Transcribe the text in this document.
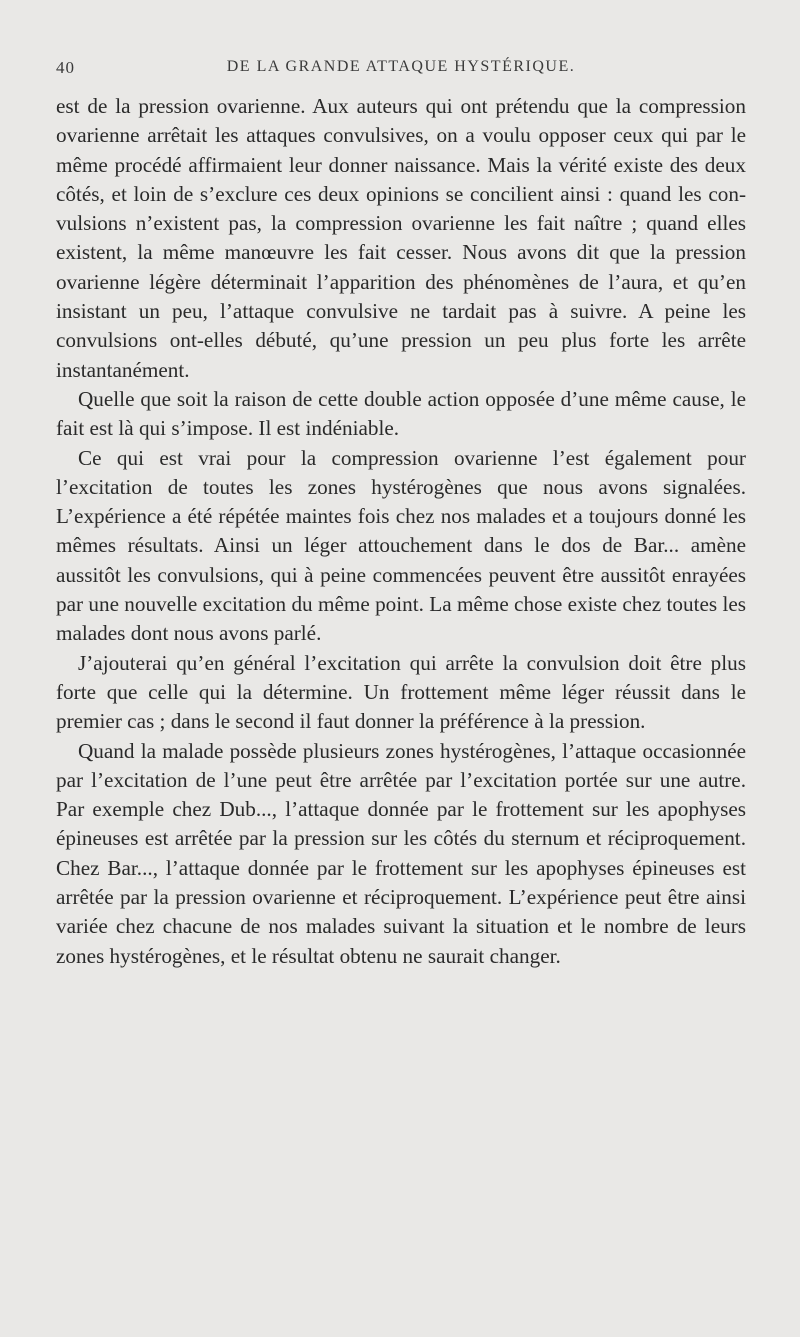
40	DE LA GRANDE ATTAQUE HYSTÉRIQUE.

est de la pression ovarienne. Aux auteurs qui ont prétendu que la compression ovarienne arrêtait les attaques convulsives, on a voulu opposer ceux qui par le même procédé affirmaient leur donner naissance. Mais la vérité existe des deux côtés, et loin de s’exclure ces deux opinions se concilient ainsi : quand les convulsions n’existent pas, la compression ovarienne les fait naître ; quand elles existent, la même manœuvre les fait cesser. Nous avons dit que la pression ovarienne légère déterminait l’apparition des phénomènes de l’aura, et qu’en insistant un peu, l’attaque convulsive ne tardait pas à suivre. A peine les convulsions ont-elles débuté, qu’une pression un peu plus forte les arrête instantanément.

Quelle que soit la raison de cette double action opposée d’une même cause, le fait est là qui s’impose. Il est indéniable.

Ce qui est vrai pour la compression ovarienne l’est également pour l’excitation de toutes les zones hystérogènes que nous avons signalées. L’expérience a été répétée maintes fois chez nos malades et a toujours donné les mêmes résultats. Ainsi un léger attouchement dans le dos de Bar... amène aussitôt les convulsions, qui à peine commencées peuvent être aussitôt enrayées par une nouvelle excitation du même point. La même chose existe chez toutes les malades dont nous avons parlé.

J’ajouterai qu’en général l’excitation qui arrête la convulsion doit être plus forte que celle qui la détermine. Un frottement même léger réussit dans le premier cas ; dans le second il faut donner la préférence à la pression.

Quand la malade possède plusieurs zones hystérogènes, l’attaque occasionnée par l’excitation de l’une peut être arrêtée par l’excitation portée sur une autre. Par exemple chez Dub..., l’attaque donnée par le frottement sur les apophyses épineuses est arrêtée par la pression sur les côtés du sternum et réciproquement. Chez Bar..., l’attaque donnée par le frottement sur les apophyses épineuses est arrêtée par la pression ovarienne et réciproquement. L’expérience peut être ainsi variée chez chacune de nos malades suivant la situation et le nombre de leurs zones hystérogènes, et le résultat obtenu ne saurait changer.
